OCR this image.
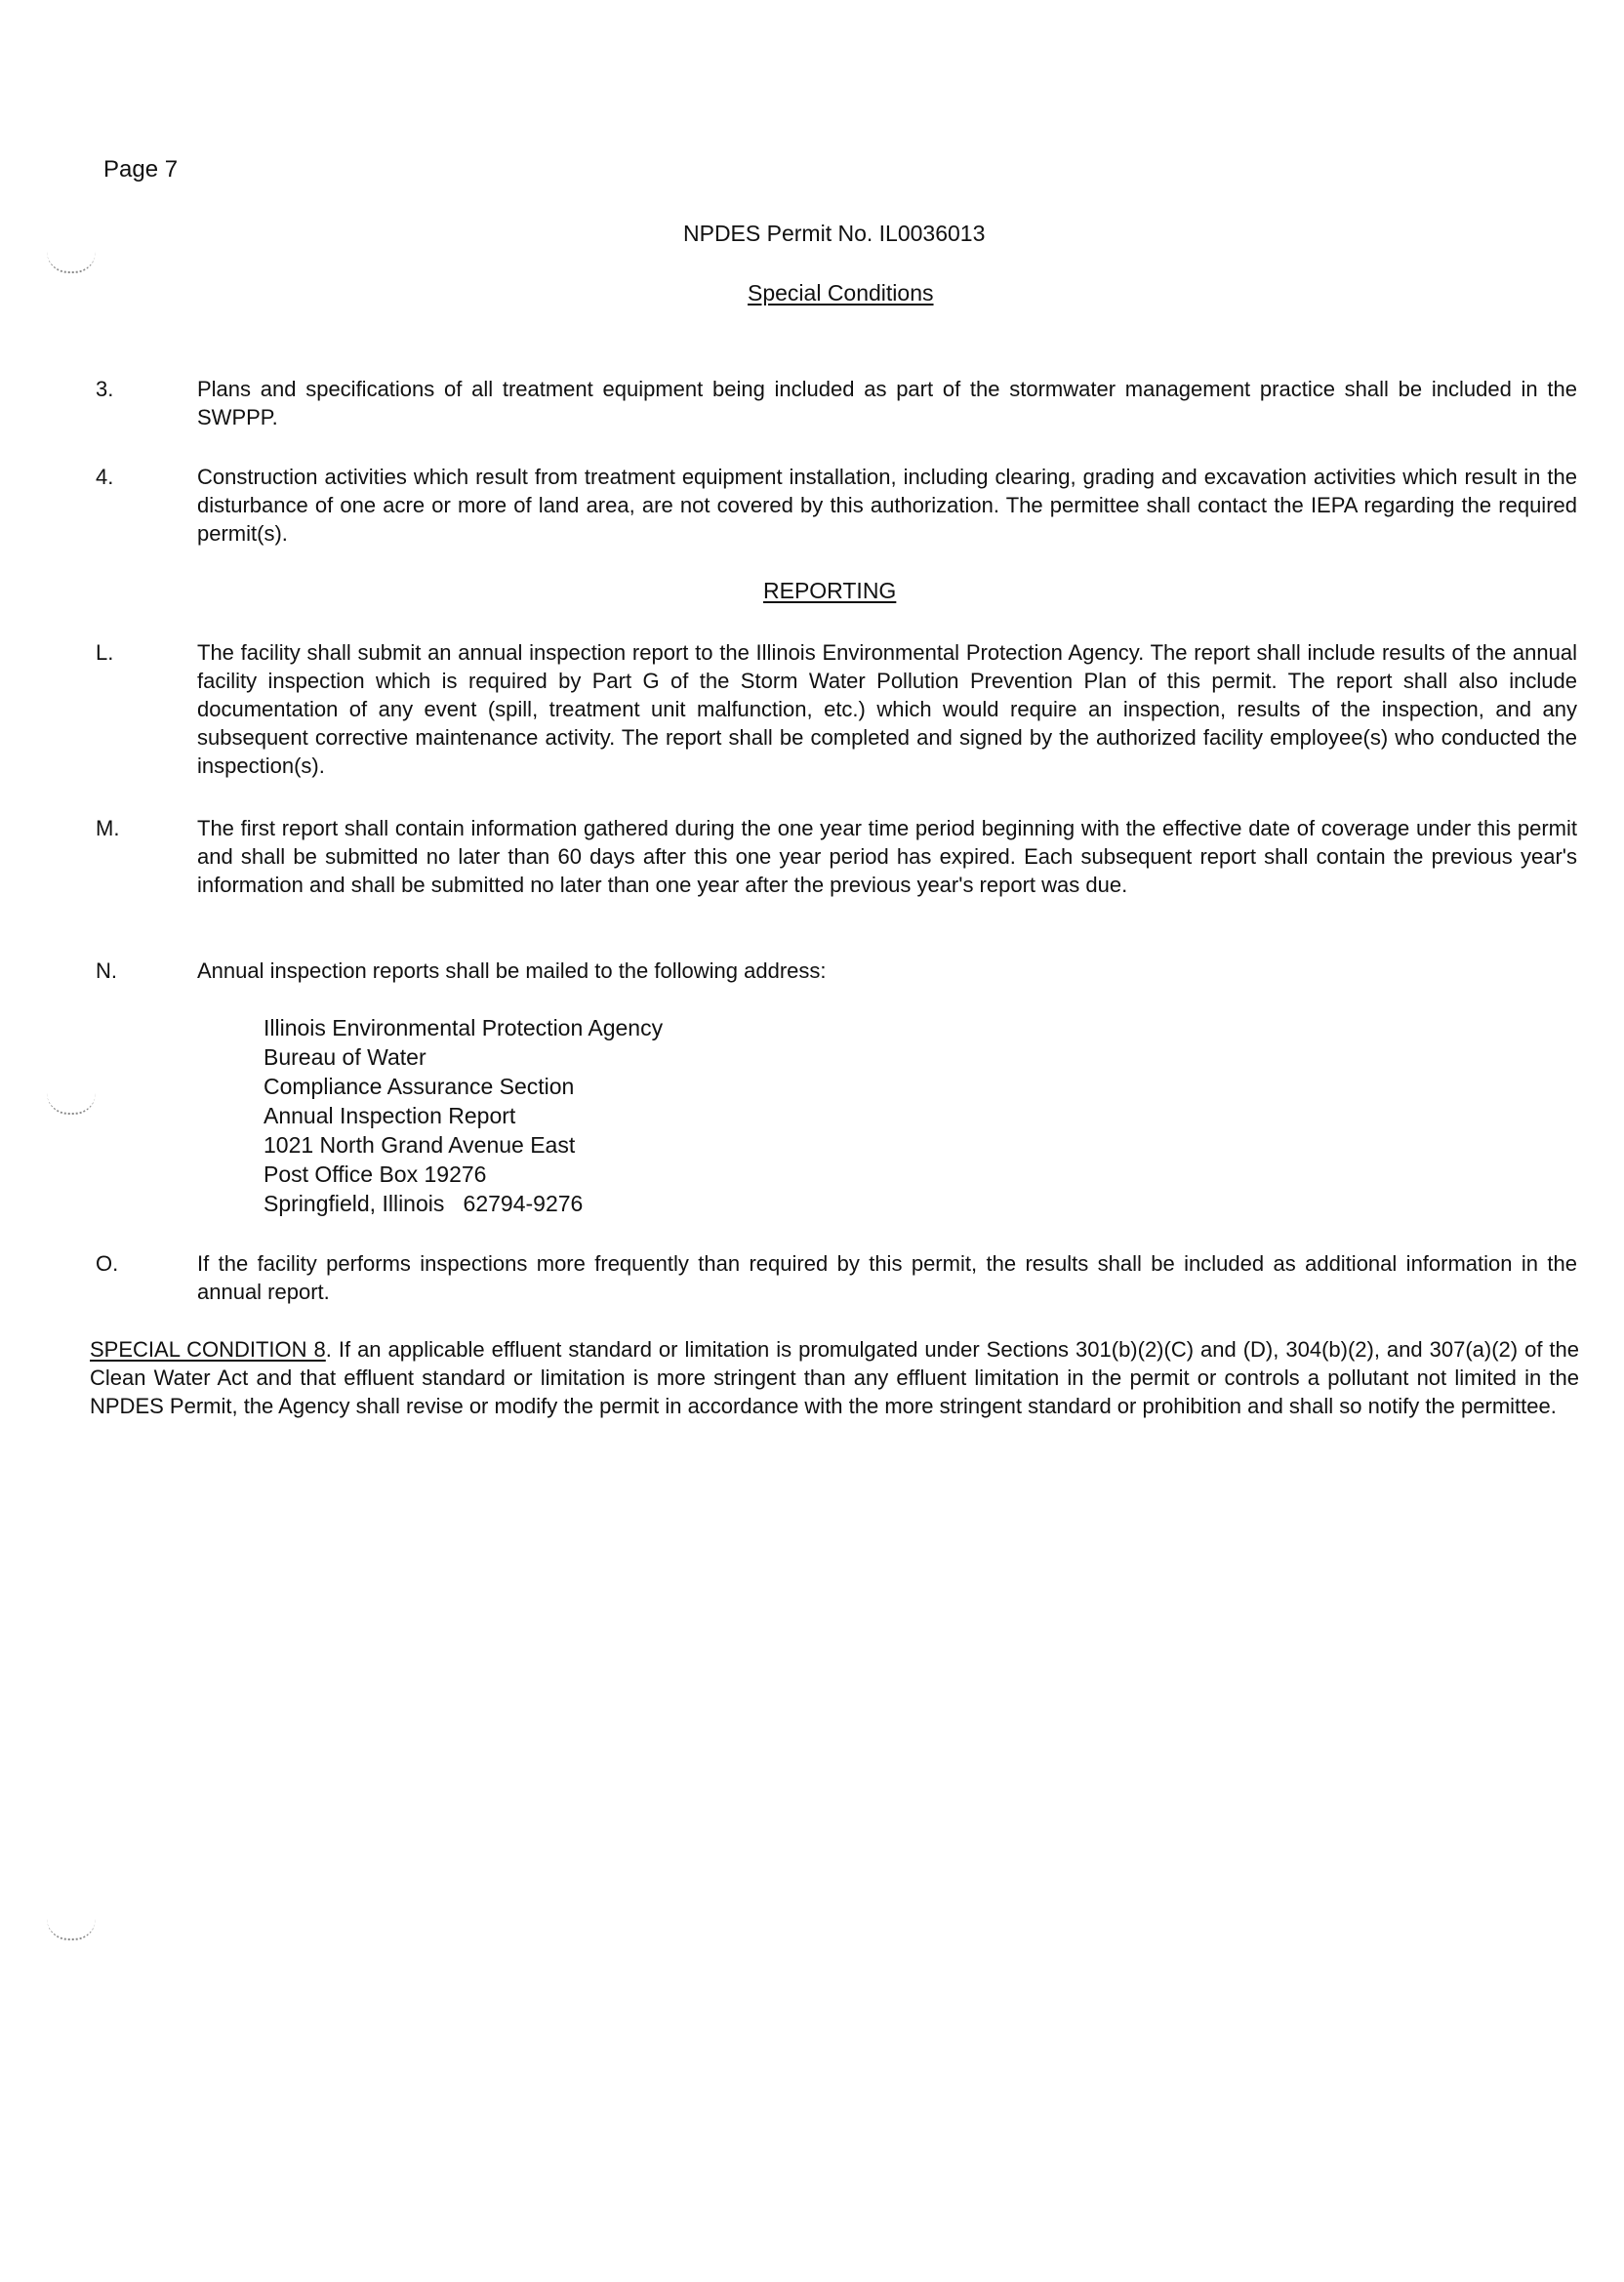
Page 7
NPDES Permit No. IL0036013
Special Conditions
3.	Plans and specifications of all treatment equipment being included as part of the stormwater management practice shall be included in the SWPPP.
4.	Construction activities which result from treatment equipment installation, including clearing, grading and excavation activities which result in the disturbance of one acre or more of land area, are not covered by this authorization. The permittee shall contact the IEPA regarding the required permit(s).
REPORTING
L.	The facility shall submit an annual inspection report to the Illinois Environmental Protection Agency. The report shall include results of the annual facility inspection which is required by Part G of the Storm Water Pollution Prevention Plan of this permit. The report shall also include documentation of any event (spill, treatment unit malfunction, etc.) which would require an inspection, results of the inspection, and any subsequent corrective maintenance activity. The report shall be completed and signed by the authorized facility employee(s) who conducted the inspection(s).
M.	The first report shall contain information gathered during the one year time period beginning with the effective date of coverage under this permit and shall be submitted no later than 60 days after this one year period has expired. Each subsequent report shall contain the previous year's information and shall be submitted no later than one year after the previous year's report was due.
N.	Annual inspection reports shall be mailed to the following address:
Illinois Environmental Protection Agency
Bureau of Water
Compliance Assurance Section
Annual Inspection Report
1021 North Grand Avenue East
Post Office Box 19276
Springfield, Illinois   62794-9276
O.	If the facility performs inspections more frequently than required by this permit, the results shall be included as additional information in the annual report.
SPECIAL CONDITION 8. If an applicable effluent standard or limitation is promulgated under Sections 301(b)(2)(C) and (D), 304(b)(2), and 307(a)(2) of the Clean Water Act and that effluent standard or limitation is more stringent than any effluent limitation in the permit or controls a pollutant not limited in the NPDES Permit, the Agency shall revise or modify the permit in accordance with the more stringent standard or prohibition and shall so notify the permittee.
